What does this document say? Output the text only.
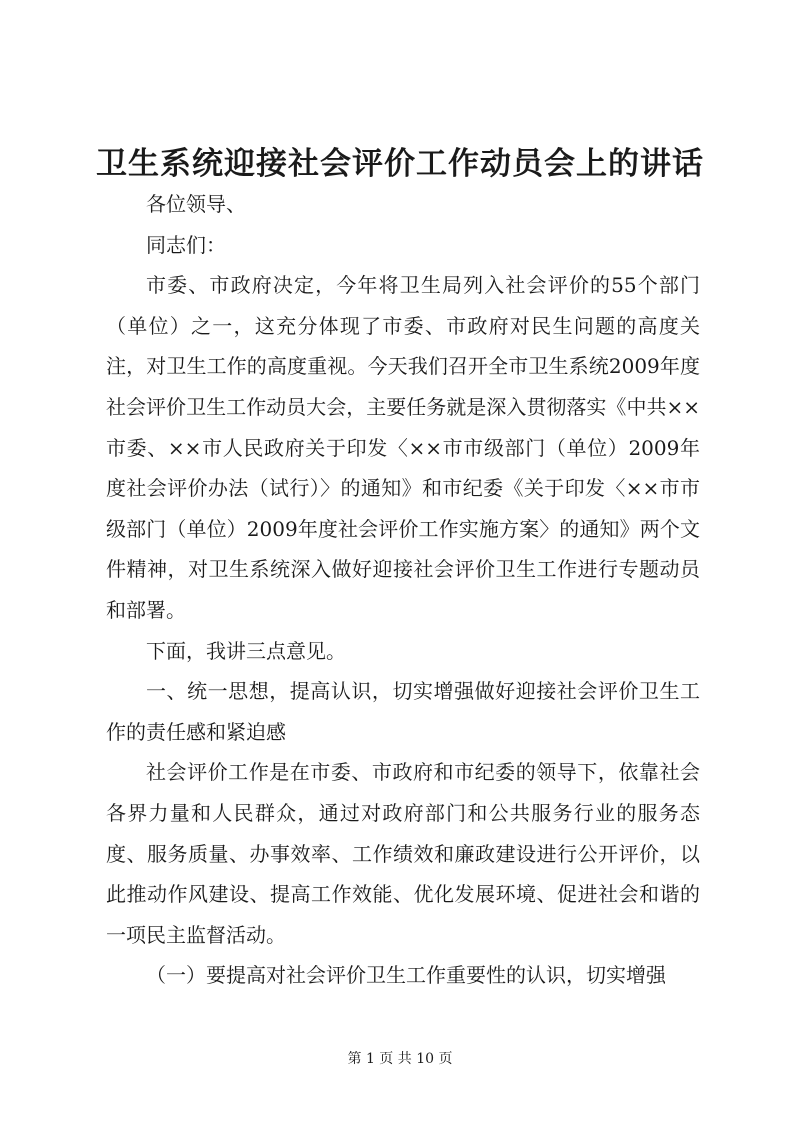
卫生系统迎接社会评价工作动员会上的讲话

各位领导、

同志们：

市委、市政府决定，今年将卫生局列入社会评价的55个部门（单位）之一，这充分体现了市委、市政府对民生问题的高度关注，对卫生工作的高度重视。今天我们召开全市卫生系统2009年度社会评价卫生工作动员大会，主要任务就是深入贯彻落实《中共××市委、××市人民政府关于印发〈××市市级部门（单位）2009年度社会评价办法（试行）〉的通知》和市纪委《关于印发〈××市市级部门（单位）2009年度社会评价工作实施方案〉的通知》两个文件精神，对卫生系统深入做好迎接社会评价卫生工作进行专题动员和部署。

下面，我讲三点意见。

一、统一思想，提高认识，切实增强做好迎接社会评价卫生工作的责任感和紧迫感

社会评价工作是在市委、市政府和市纪委的领导下，依靠社会各界力量和人民群众，通过对政府部门和公共服务行业的服务态度、服务质量、办事效率、工作绩效和廉政建设进行公开评价，以此推动作风建设、提高工作效能、优化发展环境、促进社会和谐的一项民主监督活动。

（一）要提高对社会评价卫生工作重要性的认识，切实增强

第 1 页 共 10 页
